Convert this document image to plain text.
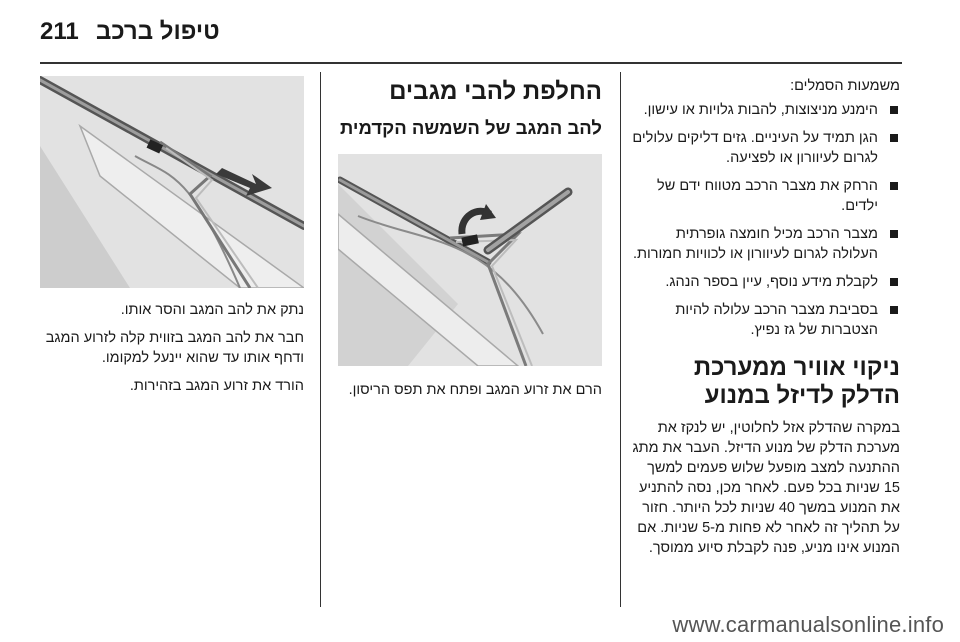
211 טיפול ברכב

משמעות הסמלים:

הימנע מניצוצות, להבות גלויות או עישון.
הגן תמיד על העיניים. גזים דליקים עלולים לגרום לעיוורון או לפציעה.
הרחק את מצבר הרכב מטווח ידם של ילדים.
מצבר הרכב מכיל חומצה גופרתית העלולה לגרום לעיוורון או לכוויות חמורות.
לקבלת מידע נוסף, עיין בספר הנהג.
בסביבת מצבר הרכב עלולה להיות הצטברות של גז נפיץ.
ניקוי אוויר ממערכת הדלק לדיזל במנוע

במקרה שהדלק אזל לחלוטין, יש לנקז את מערכת הדלק של מנוע הדיזל. העבר את מתג ההתנעה למצב מופעל שלוש פעמים למשך 15 שניות בכל פעם. לאחר מכן, נסה להתניע את המנוע במשך 40 שניות לכל היותר. חזור על תהליך זה לאחר לא פחות מ-5 שניות. אם המנוע אינו מניע, פנה לקבלת סיוע ממוסך.

החלפת להבי מגבים
להב המגב של השמשה הקדמית

הרם את זרוע המגב ופתח את תפס הריסון.

נתק את להב המגב והסר אותו.

חבר את להב המגב בזווית קלה לזרוע המגב ודחף אותו עד שהוא יינעל למקומו.

הורד את זרוע המגב בזהירות.

www.carmanualsonline.info
